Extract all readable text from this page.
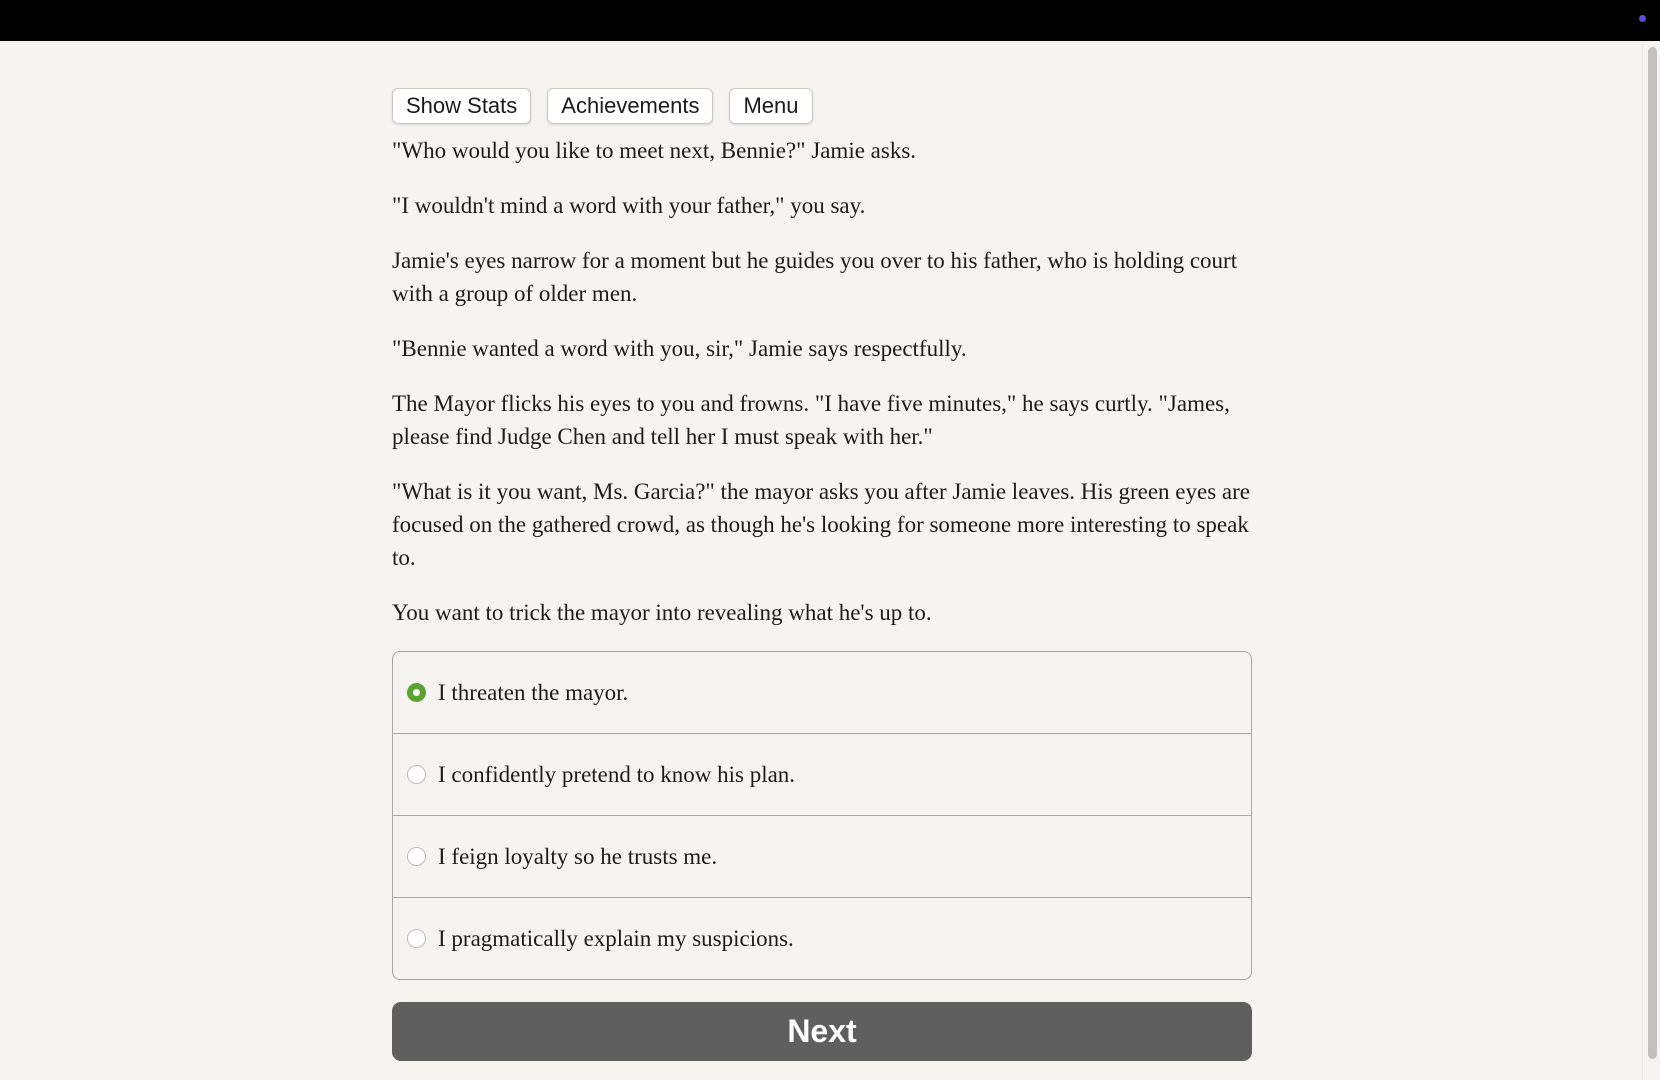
Show Stats	Achievements	Menu

"Who would you like to meet next, Bennie?" Jamie asks.

"I wouldn't mind a word with your father," you say.

Jamie's eyes narrow for a moment but he guides you over to his father, who is holding court with a group of older men.

"Bennie wanted a word with you, sir," Jamie says respectfully.

The Mayor flicks his eyes to you and frowns. "I have five minutes," he says curtly. "James, please find Judge Chen and tell her I must speak with her."

"What is it you want, Ms. Garcia?" the mayor asks you after Jamie leaves. His green eyes are focused on the gathered crowd, as though he's looking for someone more interesting to speak to.

You want to trick the mayor into revealing what he's up to.

I threaten the mayor.
I confidently pretend to know his plan.
I feign loyalty so he trusts me.
I pragmatically explain my suspicions.
Next
